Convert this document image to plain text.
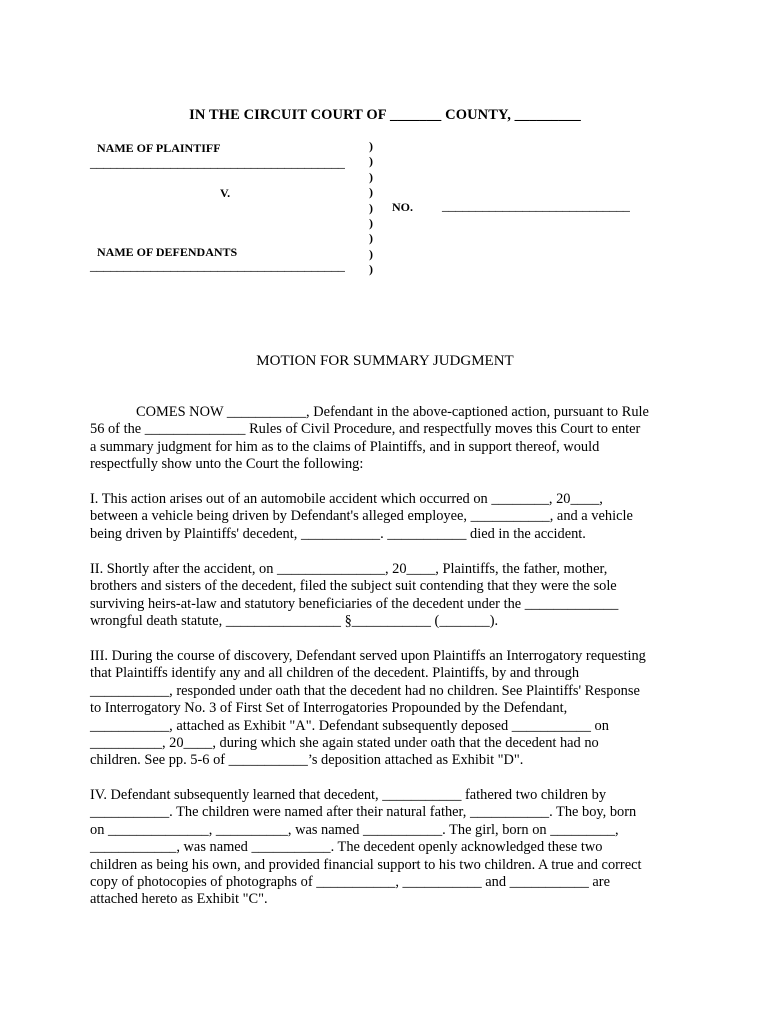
IN THE CIRCUIT COURT OF _______ COUNTY, _________
NAME OF PLAINTIFF
______________________________________
V.
NAME OF DEFENDANTS
______________________________________
)
)
)
)
)
)
)
)
)
NO. ____________________________
MOTION FOR SUMMARY JUDGMENT

COMES NOW ___________, Defendant in the above-captioned action, pursuant to Rule
56 of the ______________ Rules of Civil Procedure, and respectfully moves this Court to enter
a summary judgment for him as to the claims of Plaintiffs, and in support thereof, would
respectfully show unto the Court the following:

I. This action arises out of an automobile accident which occurred on ________, 20____,
between a vehicle being driven by Defendant's alleged employee, ___________, and a vehicle
being driven by Plaintiffs' decedent, ___________. ___________ died in the accident.

II. Shortly after the accident, on _______________, 20____, Plaintiffs, the father, mother,
brothers and sisters of the decedent, filed the subject suit contending that they were the sole
surviving heirs-at-law and statutory beneficiaries of the decedent under the _____________
wrongful death statute, ________________ §___________ (_______).

III. During the course of discovery, Defendant served upon Plaintiffs an Interrogatory requesting
that Plaintiffs identify any and all children of the decedent. Plaintiffs, by and through
___________, responded under oath that the decedent had no children. See Plaintiffs' Response
to Interrogatory No. 3 of First Set of Interrogatories Propounded by the Defendant,
___________, attached as Exhibit "A". Defendant subsequently deposed ___________ on
__________, 20____, during which she again stated under oath that the decedent had no
children. See pp. 5-6 of ___________’s deposition attached as Exhibit "D".

IV. Defendant subsequently learned that decedent, ___________ fathered two children by
___________. The children were named after their natural father, ___________. The boy, born
on ______________, __________, was named ___________. The girl, born on _________,
____________, was named ___________. The decedent openly acknowledged these two
children as being his own, and provided financial support to his two children. A true and correct
copy of photocopies of photographs of ___________, ___________ and ___________ are
attached hereto as Exhibit "C".
